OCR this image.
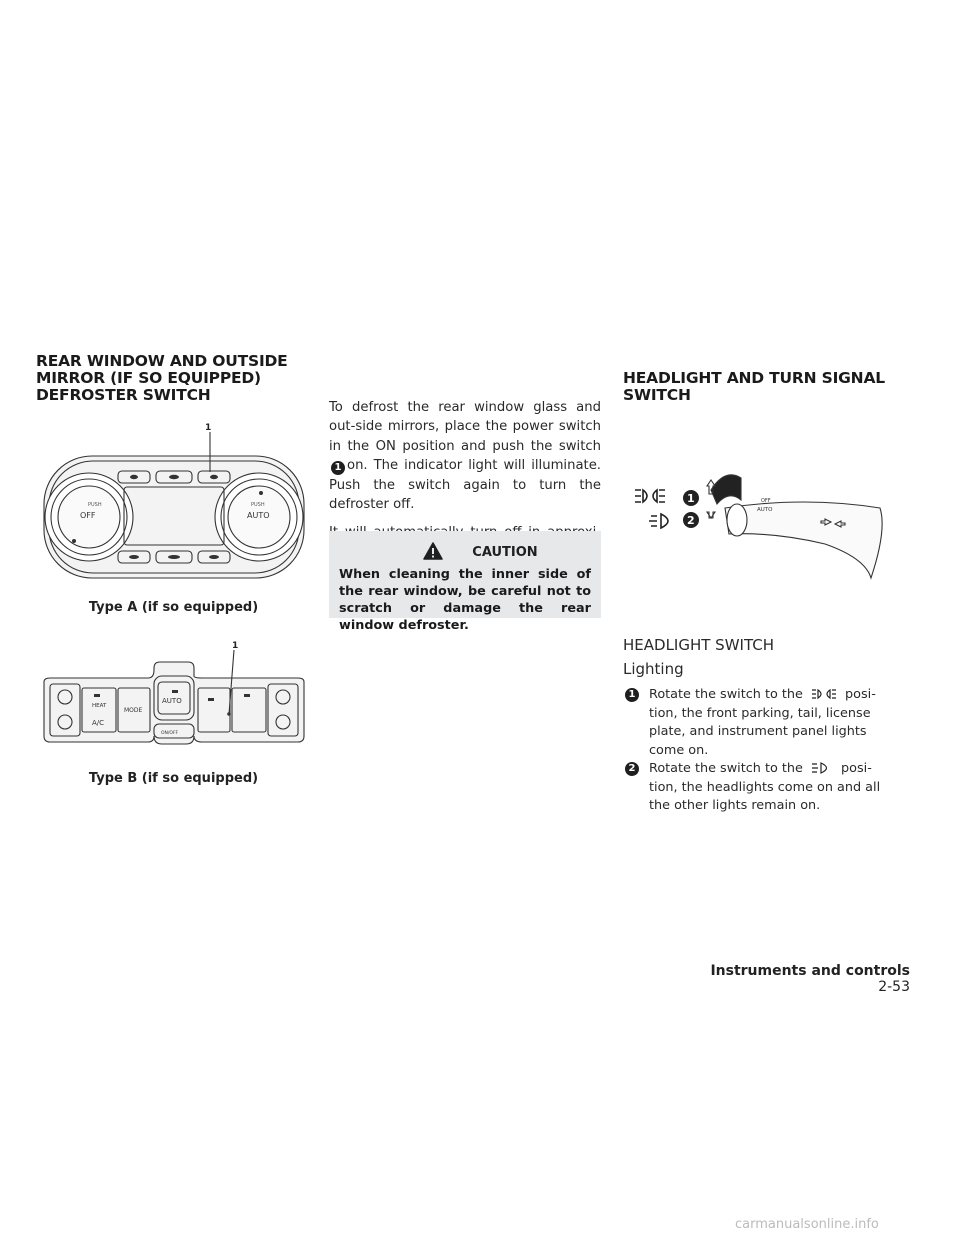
REAR WINDOW AND OUTSIDE
MIRROR (IF SO EQUIPPED)
DEFROSTER SWITCH
PUSH
OFF
PUSH
AUTO
1
Type A (if so equipped)
HEAT
A/C
MODE
AUTO
ON/OFF
1
Type B (if so equipped)

To defrost the rear window glass and out-side mirrors, place the power switch in the ON position and push the switch1 on. The indicator light will illuminate. Push the switch again to turn the defroster off.

CAUTION
When cleaning the inner side of the rear window, be careful not to scratch or damage the rear window defroster.
HEADLIGHT AND TURN SIGNAL
SWITCH
1
2
OFF
AUTO
HEADLIGHT SWITCH
Lighting
1 Rotate the switch to the	posi- tion, the front parking, tail, license plate, and instrument panel lights come on.
2 Rotate the switch to the	posi- tion, the headlights come on and all the other lights remain on.
Instruments and controls 2-53
carmanualsonline.info
